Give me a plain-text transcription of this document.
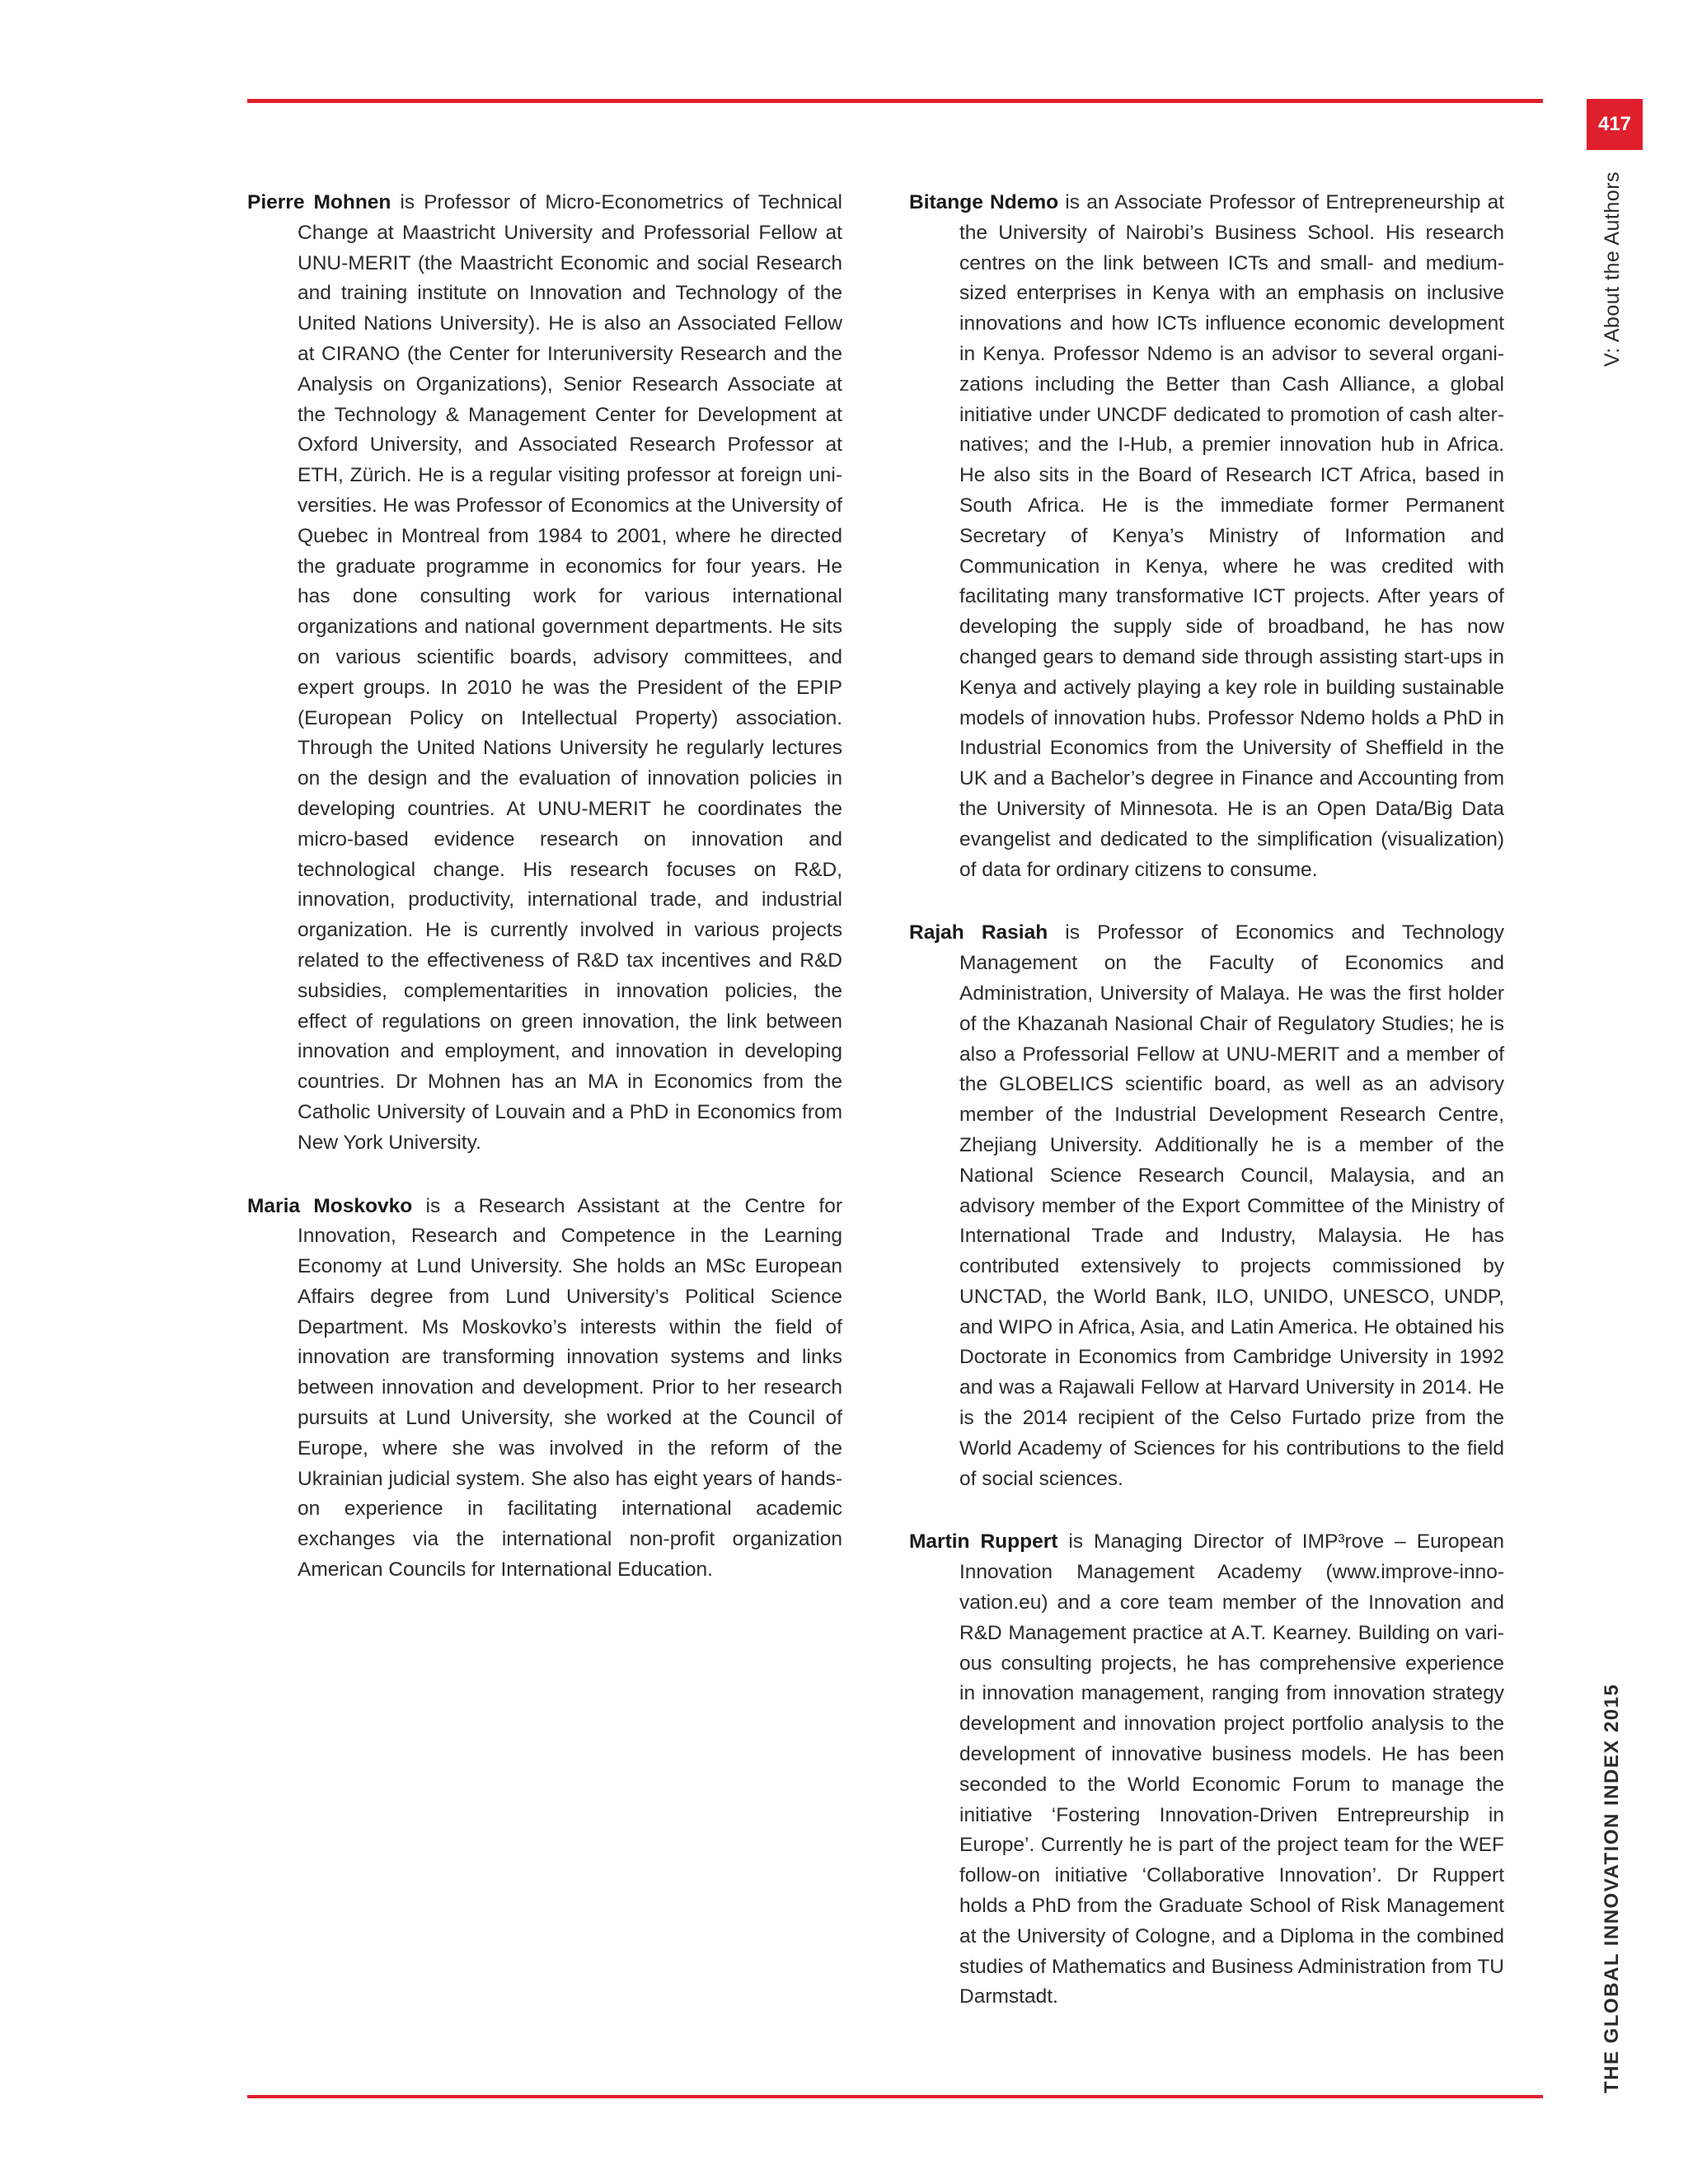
417
V: About the Authors

Pierre Mohnen is Professor of Micro-Econometrics of Technical Change at Maastricht University and Professorial Fellow at UNU-MERIT (the Maastricht Economic and social Research and training institute on Innovation and Technology of the United Nations University). He is also an Associated Fellow at CIRANO (the Center for Interuniversity Research and the Analysis on Organizations), Senior Research Associate at the Technology & Management Center for Development at Oxford University, and Associated Research Professor at ETH, Zürich. He is a regular visiting professor at foreign universities. He was Professor of Economics at the University of Quebec in Montreal from 1984 to 2001, where he directed the graduate programme in economics for four years. He has done consulting work for various international organizations and national government departments. He sits on various scientific boards, advisory committees, and expert groups. In 2010 he was the President of the EPIP (European Policy on Intellectual Property) association. Through the United Nations University he regularly lectures on the design and the evaluation of innovation policies in developing countries. At UNU-MERIT he coordinates the micro-based evidence research on innovation and technological change. His research focuses on R&D, innovation, productivity, international trade, and industrial organization. He is currently involved in various projects related to the effectiveness of R&D tax incentives and R&D subsidies, complementarities in innovation policies, the effect of regulations on green innovation, the link between innovation and employment, and innovation in developing countries. Dr Mohnen has an MA in Economics from the Catholic University of Louvain and a PhD in Economics from New York University.

Maria Moskovko is a Research Assistant at the Centre for Innovation, Research and Competence in the Learning Economy at Lund University. She holds an MSc European Affairs degree from Lund University’s Political Science Department. Ms Moskovko’s interests within the field of innovation are transforming innovation systems and links between innovation and development. Prior to her research pursuits at Lund University, she worked at the Council of Europe, where she was involved in the reform of the Ukrainian judicial system. She also has eight years of hands-on experience in facilitating international academic exchanges via the international non-profit organization American Councils for International Education.

Bitange Ndemo is an Associate Professor of Entrepreneurship at the University of Nairobi’s Business School. His research centres on the link between ICTs and small- and medium-sized enterprises in Kenya with an emphasis on inclusive innovations and how ICTs influence economic development in Kenya. Professor Ndemo is an advisor to several organizations including the Better than Cash Alliance, a global initiative under UNCDF dedicated to promotion of cash alternatives; and the I-Hub, a premier innovation hub in Africa. He also sits in the Board of Research ICT Africa, based in South Africa. He is the immediate former Permanent Secretary of Kenya’s Ministry of Information and Communication in Kenya, where he was credited with facilitating many transformative ICT projects. After years of developing the supply side of broadband, he has now changed gears to demand side through assisting start-ups in Kenya and actively playing a key role in building sustainable models of innovation hubs. Professor Ndemo holds a PhD in Industrial Economics from the University of Sheffield in the UK and a Bachelor’s degree in Finance and Accounting from the University of Minnesota. He is an Open Data/Big Data evangelist and dedicated to the simplification (visualization) of data for ordinary citizens to consume.

Rajah Rasiah is Professor of Economics and Technology Management on the Faculty of Economics and Administration, University of Malaya. He was the first holder of the Khazanah Nasional Chair of Regulatory Studies; he is also a Professorial Fellow at UNU-MERIT and a member of the GLOBELICS scientific board, as well as an advisory member of the Industrial Development Research Centre, Zhejiang University. Additionally he is a member of the National Science Research Council, Malaysia, and an advisory member of the Export Committee of the Ministry of International Trade and Industry, Malaysia. He has contributed extensively to projects commissioned by UNCTAD, the World Bank, ILO, UNIDO, UNESCO, UNDP, and WIPO in Africa, Asia, and Latin America. He obtained his Doctorate in Economics from Cambridge University in 1992 and was a Rajawali Fellow at Harvard University in 2014. He is the 2014 recipient of the Celso Furtado prize from the World Academy of Sciences for his contributions to the field of social sciences.

Martin Ruppert is Managing Director of IMP³rove – European Innovation Management Academy (www.improve-innovation.eu) and a core team member of the Innovation and R&D Management practice at A.T. Kearney. Building on various consulting projects, he has comprehensive experience in innovation management, ranging from innovation strategy development and innovation project portfolio analysis to the development of innovative business models. He has been seconded to the World Economic Forum to manage the initiative ‘Fostering Innovation-Driven Entrepreurship in Europe’. Currently he is part of the project team for the WEF follow-on initiative ‘Collaborative Innovation’. Dr Ruppert holds a PhD from the Graduate School of Risk Management at the University of Cologne, and a Diploma in the combined studies of Mathematics and Business Administration from TU Darmstadt.	THE GLOBAL INNOVATION INDEX 2015
